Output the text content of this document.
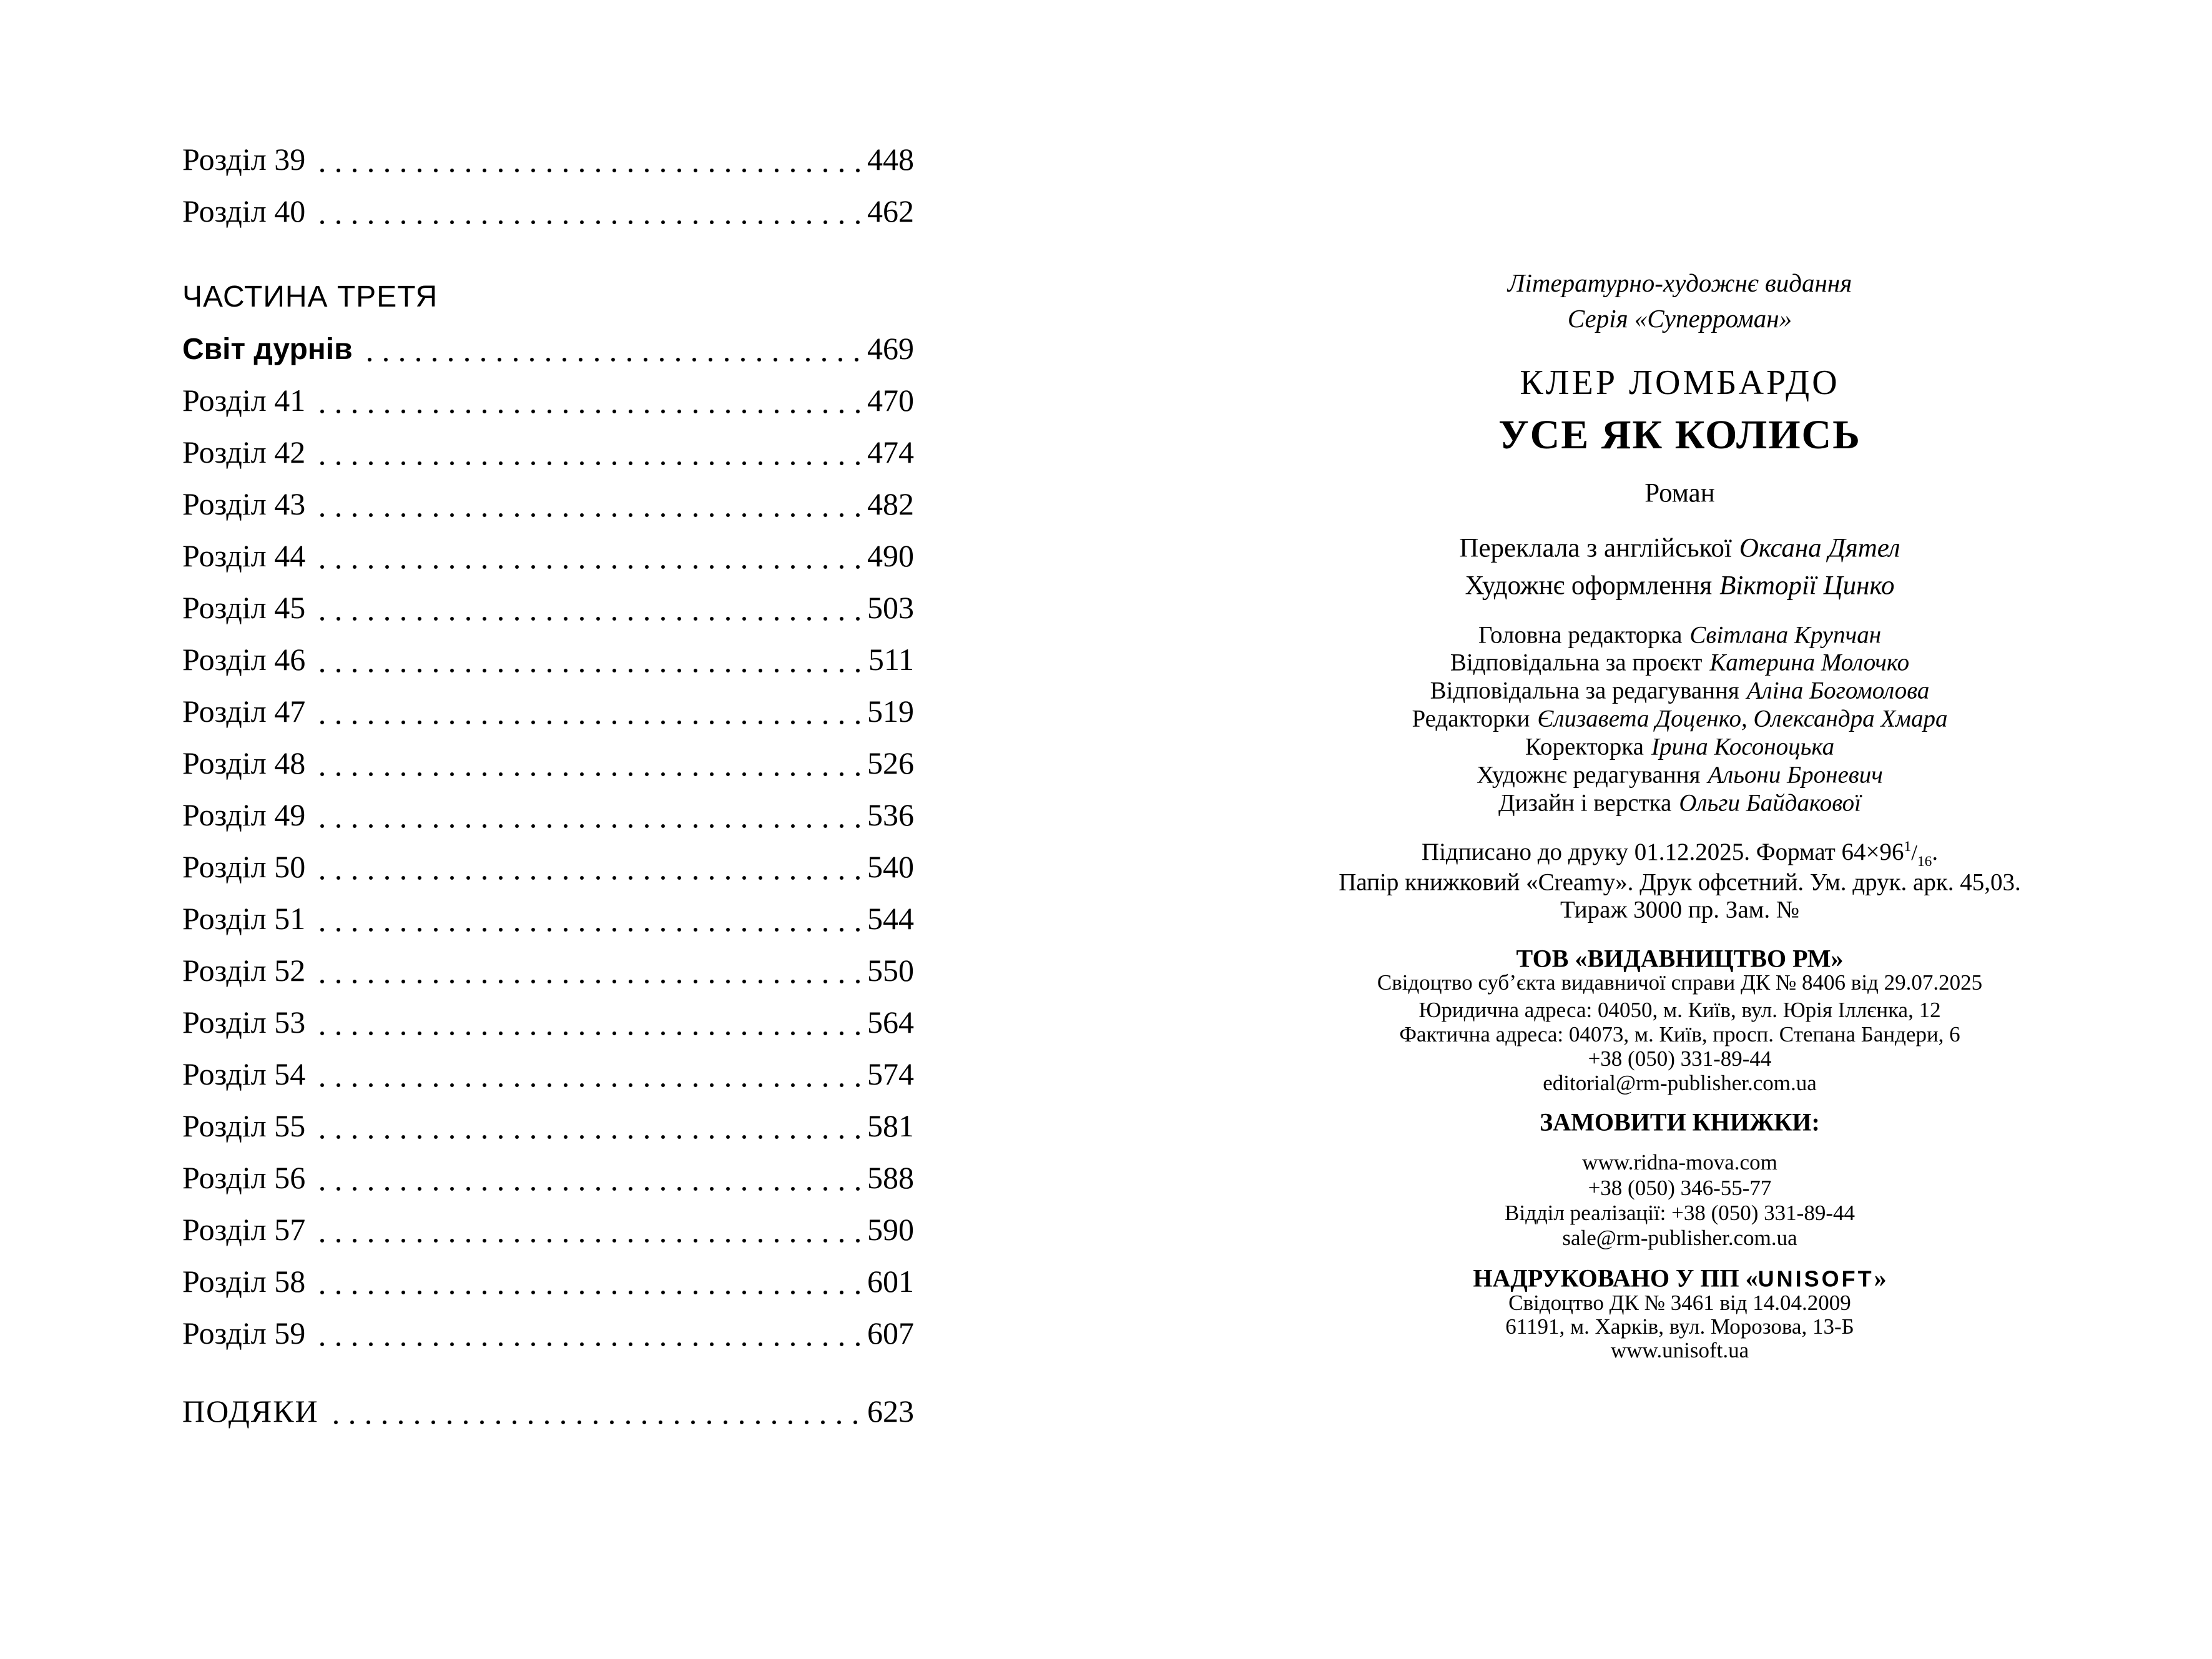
Розділ 39	448
Розділ 40	462
ЧАСТИНА ТРЕТЯ
Світ дурнів	469
Розділ 41	470
Розділ 42	474
Розділ 43	482
Розділ 44	490
Розділ 45	503
Розділ 46	511
Розділ 47	519
Розділ 48	526
Розділ 49	536
Розділ 50	540
Розділ 51	544
Розділ 52	550
Розділ 53	564
Розділ 54	574
Розділ 55	581
Розділ 56	588
Розділ 57	590
Розділ 58	601
Розділ 59	607
ПОДЯКИ	623
Літературно-художнє видання
Серія «Суперроман»
КЛЕР ЛОМБАРДО
УСЕ ЯК КОЛИСЬ
Роман
Переклала з англійської Оксана Дятел
Художнє оформлення Вікторії Цинко
Головна редакторка Світлана Крупчан
Відповідальна за проєкт Катерина Молочко
Відповідальна за редагування Аліна Богомолова
Редакторки Єлизавета Доценко, Олександра Хмара
Коректорка Ірина Косоноцька
Художнє редагування Альони Броневич
Дизайн і верстка Ольги Байдакової
Підписано до друку 01.12.2025. Формат $64\times 96^1/_{16}$.
Папір книжковий «Creamy». Друк офсетний. Ум. друк. арк. 45,03.
Тираж 3000 пр. Зам. №
ТОВ «ВИДАВНИЦТВО РМ»
Свідоцтво суб’єкта видавничої справи ДК № 8406 від 29.07.2025
Юридична адреса: 04050, м. Київ, вул. Юрія Іллєнка, 12
Фактична адреса: 04073, м. Київ, просп. Степана Бандери, 6
+38 (050) 331-89-44
editorial@rm-publisher.com.ua
ЗАМОВИТИ КНИЖКИ:
www.ridna-mova.com
+38 (050) 346-55-77
Відділ реалізації: +38 (050) 331-89-44
sale@rm-publisher.com.ua
НАДРУКОВАНО У ПП «UNISOFT»
Свідоцтво ДК № 3461 від 14.04.2009
61191, м. Харків, вул. Морозова, 13-Б
www.unisoft.ua
